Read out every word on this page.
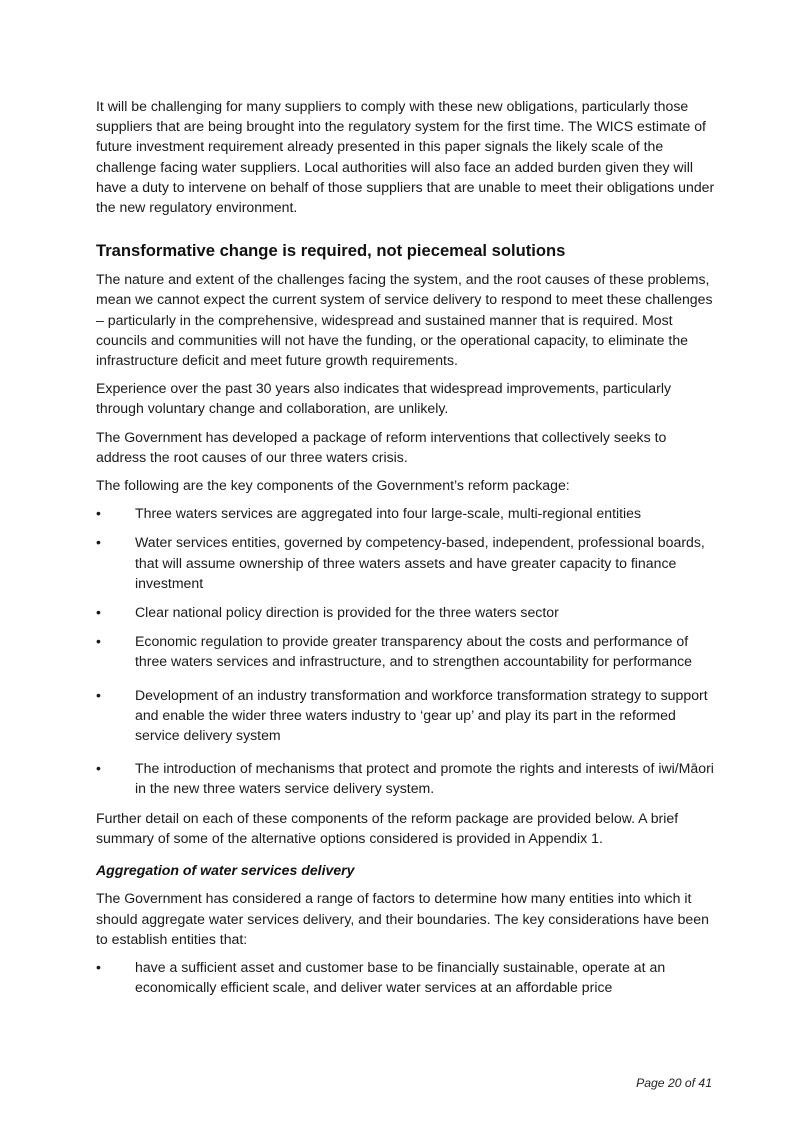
It will be challenging for many suppliers to comply with these new obligations, particularly those suppliers that are being brought into the regulatory system for the first time. The WICS estimate of future investment requirement already presented in this paper signals the likely scale of the challenge facing water suppliers. Local authorities will also face an added burden given they will have a duty to intervene on behalf of those suppliers that are unable to meet their obligations under the new regulatory environment.

Transformative change is required, not piecemeal solutions

The nature and extent of the challenges facing the system, and the root causes of these problems, mean we cannot expect the current system of service delivery to respond to meet these challenges – particularly in the comprehensive, widespread and sustained manner that is required. Most councils and communities will not have the funding, or the operational capacity, to eliminate the infrastructure deficit and meet future growth requirements.

Experience over the past 30 years also indicates that widespread improvements, particularly through voluntary change and collaboration, are unlikely.

The Government has developed a package of reform interventions that collectively seeks to address the root causes of our three waters crisis.

The following are the key components of the Government’s reform package:

•	Three waters services are aggregated into four large-scale, multi-regional entities
•	Water services entities, governed by competency-based, independent, professional boards, that will assume ownership of three waters assets and have greater capacity to finance investment
•	Clear national policy direction is provided for the three waters sector
•	Economic regulation to provide greater transparency about the costs and performance of three waters services and infrastructure, and to strengthen accountability for performance
•	Development of an industry transformation and workforce transformation strategy to support and enable the wider three waters industry to ‘gear up’ and play its part in the reformed service delivery system
•	The introduction of mechanisms that protect and promote the rights and interests of iwi/Māori in the new three waters service delivery system.

Further detail on each of these components of the reform package are provided below. A brief summary of some of the alternative options considered is provided in Appendix 1.

Aggregation of water services delivery

The Government has considered a range of factors to determine how many entities into which it should aggregate water services delivery, and their boundaries. The key considerations have been to establish entities that:

•	have a sufficient asset and customer base to be financially sustainable, operate at an economically efficient scale, and deliver water services at an affordable price
Page 20 of 41
